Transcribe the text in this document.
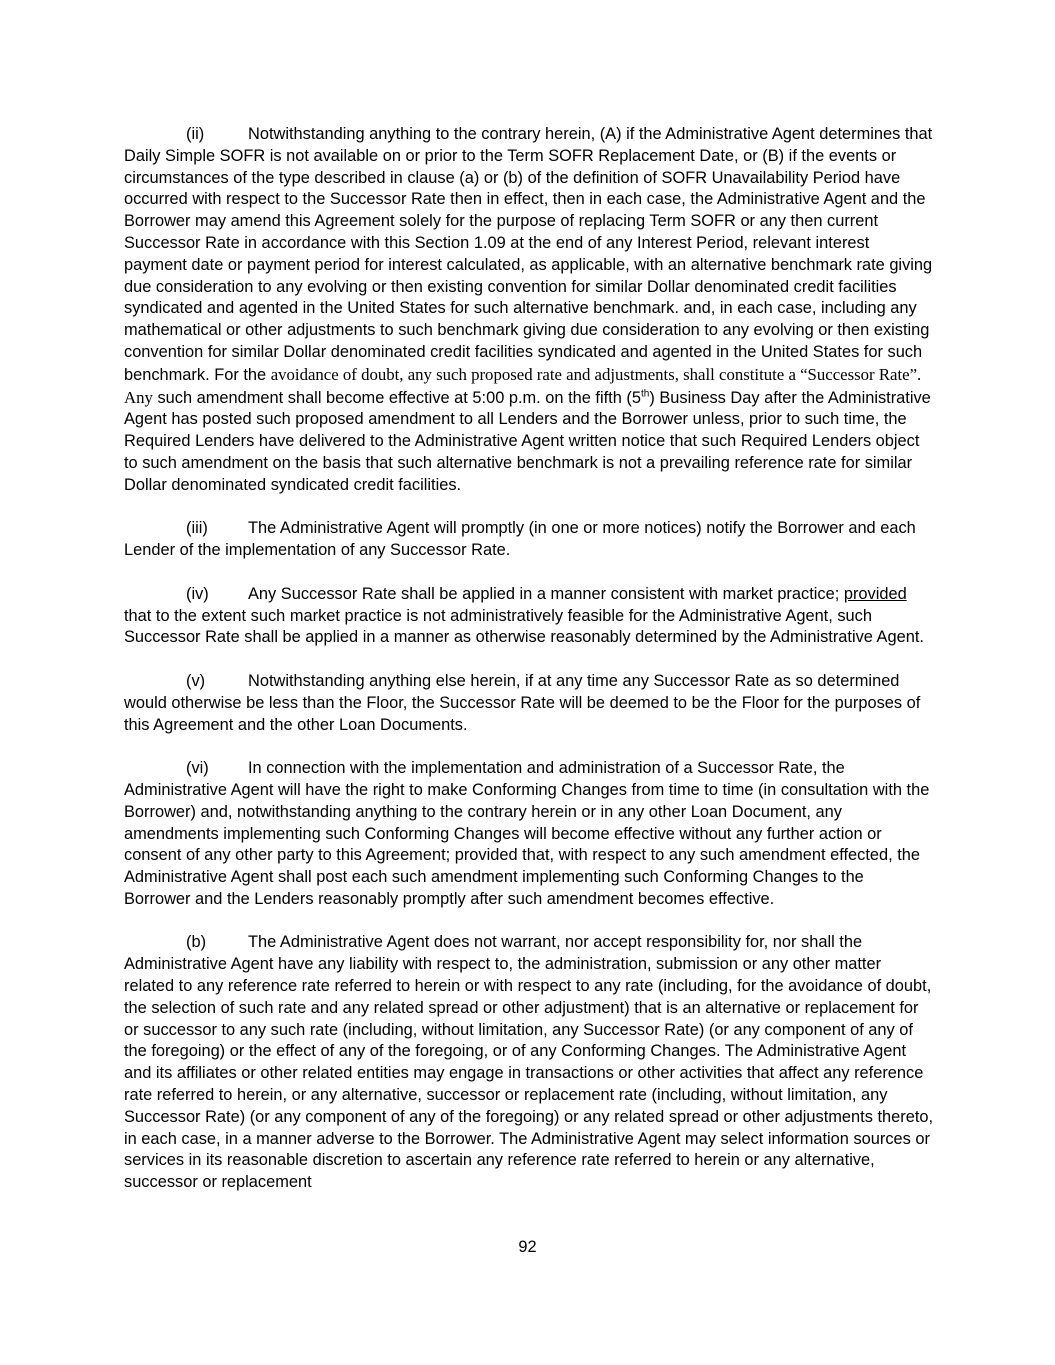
(ii)	Notwithstanding anything to the contrary herein, (A) if the Administrative Agent determines that Daily Simple SOFR is not available on or prior to the Term SOFR Replacement Date, or (B) if the events or circumstances of the type described in clause (a) or (b) of the definition of SOFR Unavailability Period have occurred with respect to the Successor Rate then in effect, then in each case, the Administrative Agent and the Borrower may amend this Agreement solely for the purpose of replacing Term SOFR or any then current Successor Rate in accordance with this Section 1.09 at the end of any Interest Period, relevant interest payment date or payment period for interest calculated, as applicable, with an alternative benchmark rate giving due consideration to any evolving or then existing convention for similar Dollar denominated credit facilities syndicated and agented in the United States for such alternative benchmark. and, in each case, including any mathematical or other adjustments to such benchmark giving due consideration to any evolving or then existing convention for similar Dollar denominated credit facilities syndicated and agented in the United States for such benchmark. For the avoidance of doubt, any such proposed rate and adjustments, shall constitute a “Successor Rate”. Any such amendment shall become effective at 5:00 p.m. on the fifth (5th) Business Day after the Administrative Agent has posted such proposed amendment to all Lenders and the Borrower unless, prior to such time, the Required Lenders have delivered to the Administrative Agent written notice that such Required Lenders object to such amendment on the basis that such alternative benchmark is not a prevailing reference rate for similar Dollar denominated syndicated credit facilities.

(iii) The Administrative Agent will promptly (in one or more notices) notify the Borrower and each Lender of the implementation of any Successor Rate.

(iv) Any Successor Rate shall be applied in a manner consistent with market practice; provided that to the extent such market practice is not administratively feasible for the Administrative Agent, such Successor Rate shall be applied in a manner as otherwise reasonably determined by the Administrative Agent.

(v)	Notwithstanding anything else herein, if at any time any Successor Rate as so determined would otherwise be less than the Floor, the Successor Rate will be deemed to be the Floor for the purposes of this Agreement and the other Loan Documents.

(vi) In connection with the implementation and administration of a Successor Rate, the Administrative Agent will have the right to make Conforming Changes from time to time (in consultation with the Borrower) and, notwithstanding anything to the contrary herein or in any other Loan Document, any amendments implementing such Conforming Changes will become effective without any further action or consent of any other party to this Agreement; provided that, with respect to any such amendment effected, the Administrative Agent shall post each such amendment implementing such Conforming Changes to the Borrower and the Lenders reasonably promptly after such amendment becomes effective.

(b)	The Administrative Agent does not warrant, nor accept responsibility for, nor shall the Administrative Agent have any liability with respect to, the administration, submission or any other matter related to any reference rate referred to herein or with respect to any rate (including, for the avoidance of doubt, the selection of such rate and any related spread or other adjustment) that is an alternative or replacement for or successor to any such rate (including, without limitation, any Successor Rate) (or any component of any of the foregoing) or the effect of any of the foregoing, or of any Conforming Changes. The Administrative Agent and its affiliates or other related entities may engage in transactions or other activities that affect any reference rate referred to herein, or any alternative, successor or replacement rate (including, without limitation, any Successor Rate) (or any component of any of the foregoing) or any related spread or other adjustments thereto, in each case, in a manner adverse to the Borrower. The Administrative Agent may select information sources or services in its reasonable discretion to ascertain any reference rate referred to herein or any alternative, successor or replacement

92
